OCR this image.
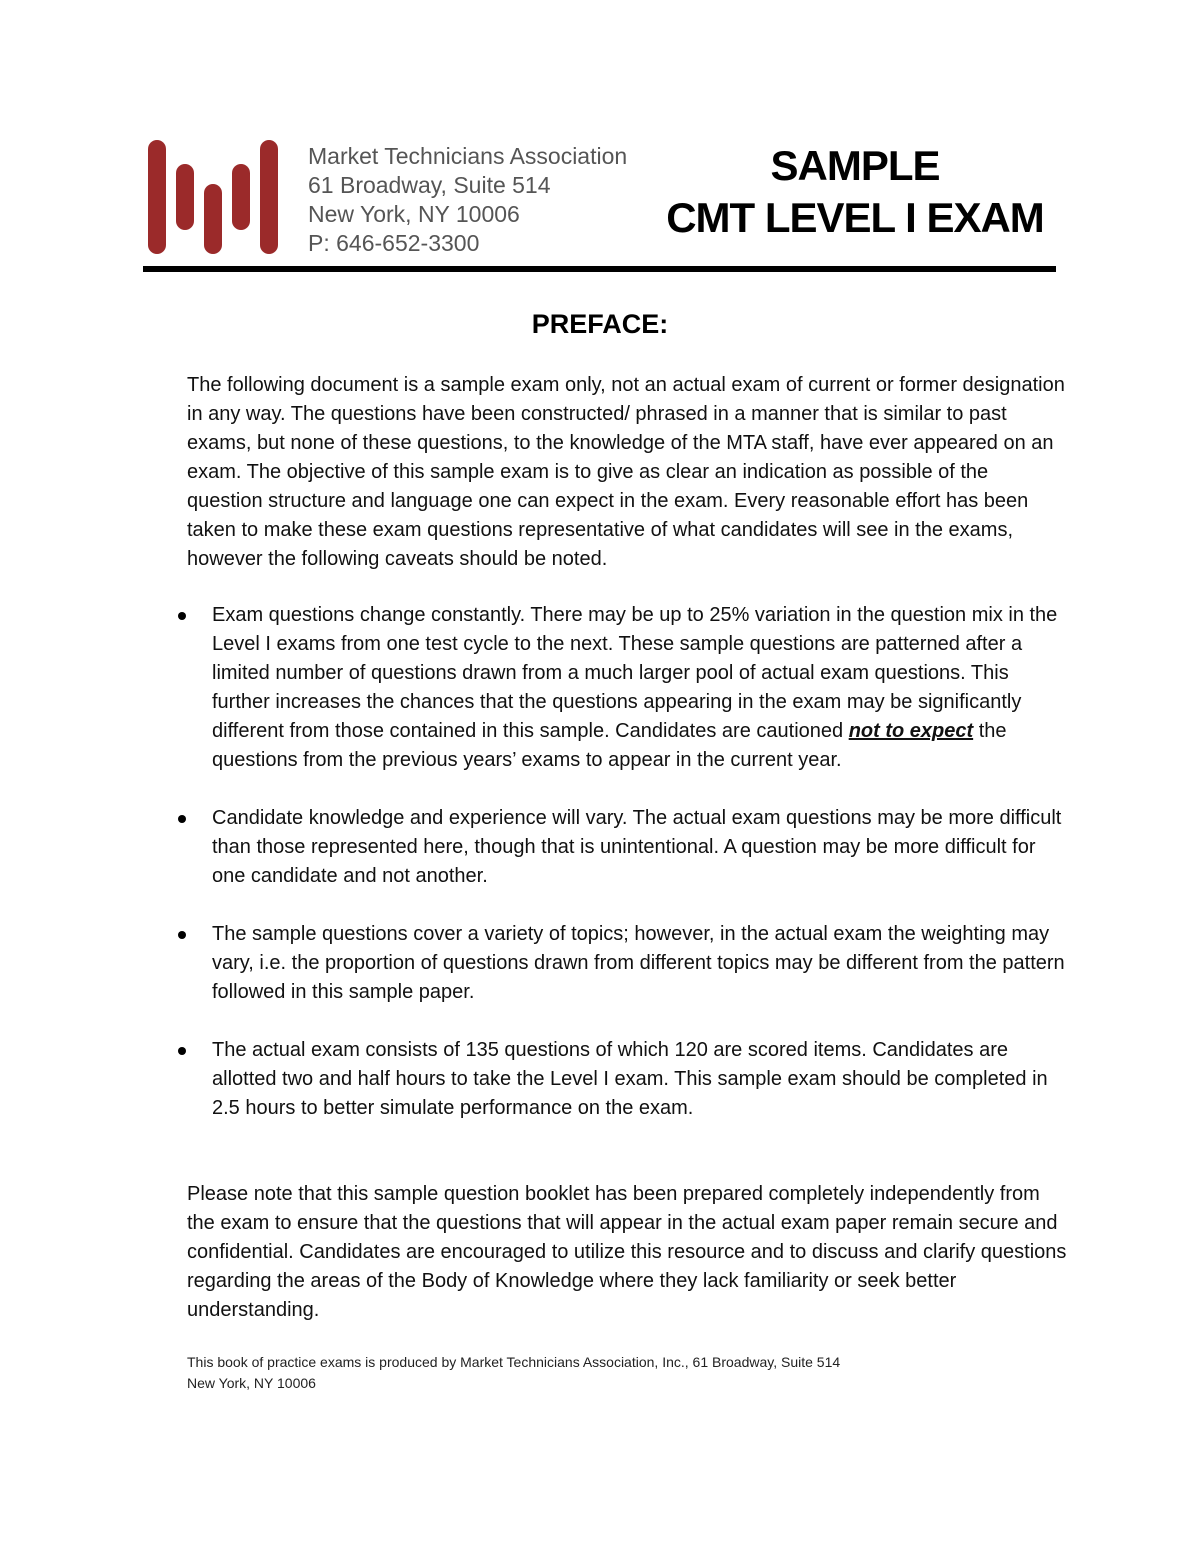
Market Technicians Association
61 Broadway, Suite 514
New York, NY 10006
P: 646-652-3300
SAMPLE
CMT LEVEL I EXAM
PREFACE:

The following document is a sample exam only, not an actual exam of current or former designation in any way. The questions have been constructed/ phrased in a manner that is similar to past exams, but none of these questions, to the knowledge of the MTA staff, have ever appeared on an exam. The objective of this sample exam is to give as clear an indication as possible of the question structure and language one can expect in the exam. Every reasonable effort has been taken to make these exam questions representative of what candidates will see in the exams, however the following caveats should be noted.

Exam questions change constantly. There may be up to 25% variation in the question mix in the Level I exams from one test cycle to the next. These sample questions are patterned after a limited number of questions drawn from a much larger pool of actual exam questions. This further increases the chances that the questions appearing in the exam may be significantly different from those contained in this sample. Candidates are cautioned not to expect the questions from the previous years’ exams to appear in the current year.
Candidate knowledge and experience will vary. The actual exam questions may be more difficult than those represented here, though that is unintentional. A question may be more difficult for one candidate and not another.
The sample questions cover a variety of topics; however, in the actual exam the weighting may vary, i.e. the proportion of questions drawn from different topics may be different from the pattern followed in this sample paper.
The actual exam consists of 135 questions of which 120 are scored items. Candidates are allotted two and half hours to take the Level I exam. This sample exam should be completed in 2.5 hours to better simulate performance on the exam.

Please note that this sample question booklet has been prepared completely independently from the exam to ensure that the questions that will appear in the actual exam paper remain secure and confidential. Candidates are encouraged to utilize this resource and to discuss and clarify questions regarding the areas of the Body of Knowledge where they lack familiarity or seek better understanding.

This book of practice exams is produced by Market Technicians Association, Inc., 61 Broadway, Suite 514
New York, NY 10006
